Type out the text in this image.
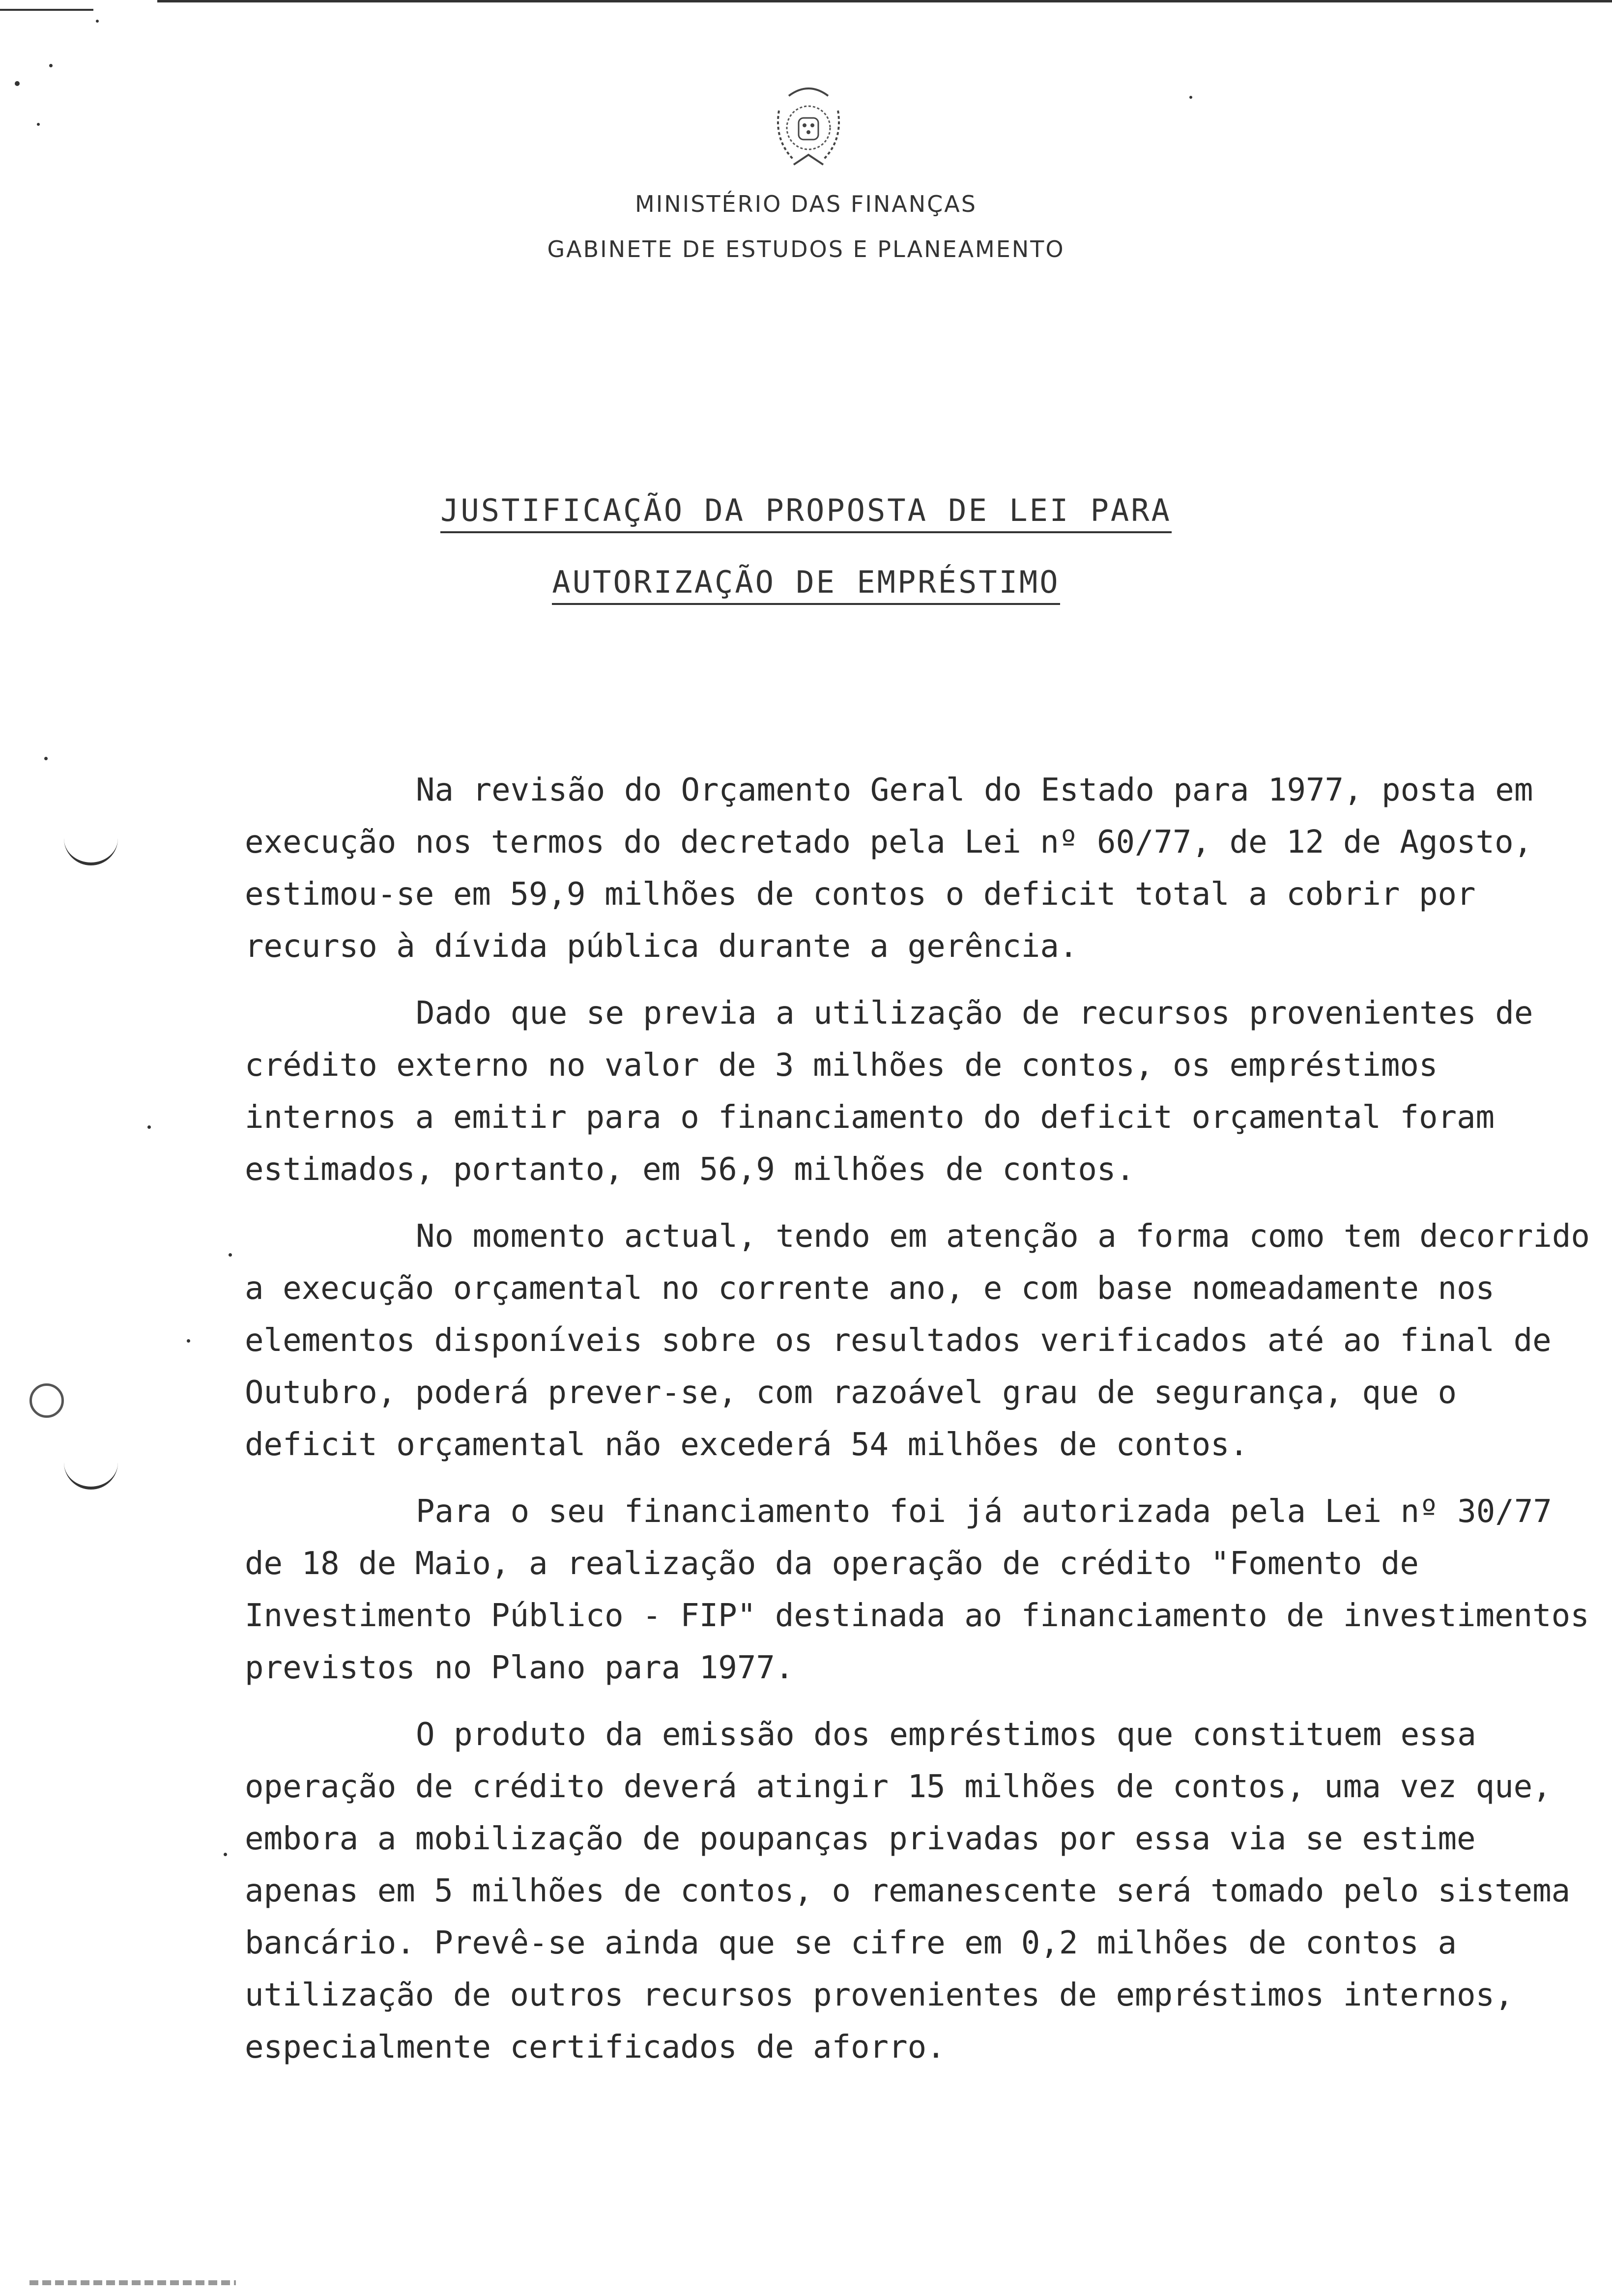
MINISTÉRIO DAS FINANÇAS
GABINETE DE ESTUDOS E PLANEAMENTO
JUSTIFICAÇÃO DA PROPOSTA DE LEI PARA
AUTORIZAÇÃO DE EMPRÉSTIMO

Na revisão do Orçamento Geral do Estado para 1977, posta em execução nos termos do decretado pela Lei nº 60/77, de 12 de Agosto, estimou-se em 59,9 milhões de contos o deficit total a cobrir por recurso à dívida pública durante a gerência.

Dado que se previa a utilização de recursos provenientes de crédito externo no valor de 3 milhões de contos, os empréstimos internos a emitir para o financiamento do deficit orçamental foram estimados, portanto, em 56,9 milhões de contos.

No momento actual, tendo em atenção a forma como tem decorrido a execução orçamental no corrente ano, e com base nomeadamente nos elementos disponíveis sobre os resultados verificados até ao final de Outubro, poderá prever-se, com razoável grau de segurança, que o deficit orçamental não excederá 54 milhões de contos.

Para o seu financiamento foi já autorizada pela Lei nº 30/77 de 18 de Maio, a realização da operação de crédito "Fomento de Investimento Público - FIP" destinada ao financiamento de investimentos previstos no Plano para 1977.

O produto da emissão dos empréstimos que constituem essa operação de crédito deverá atingir 15 milhões de contos, uma vez que, embora a mobilização de poupanças privadas por essa via se estime apenas em 5 milhões de contos, o remanescente será tomado pelo sistema bancário. Prevê-se ainda que se cifre em 0,2 milhões de contos a utilização de outros recursos provenientes de empréstimos internos, especialmente certificados de aforro.
